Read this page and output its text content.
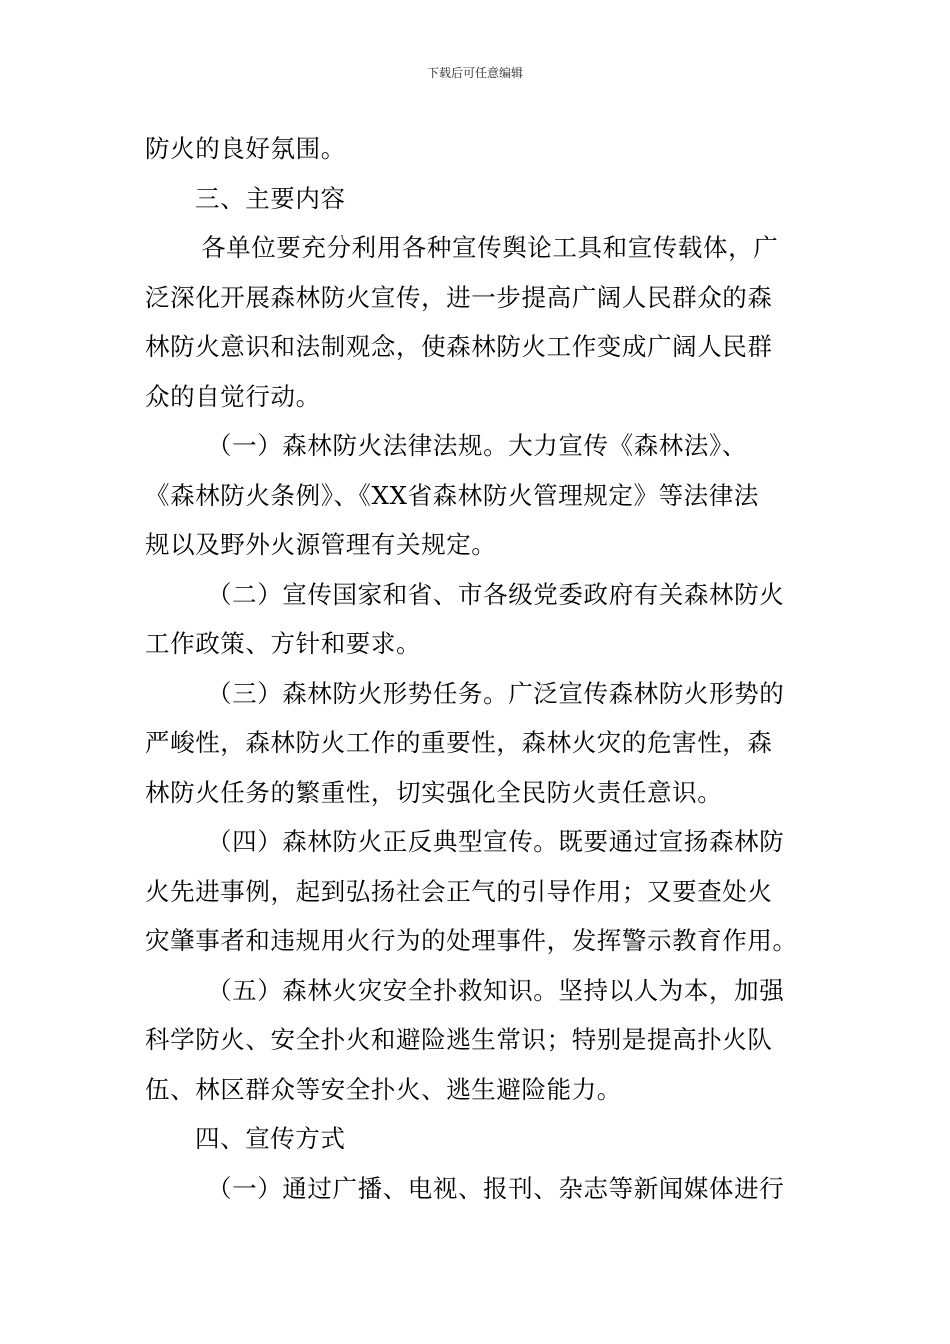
下载后可任意编辑
防火的良好氛围。
三、主要内容
各单位要充分利用各种宣传舆论工具和宣传载体，广
泛深化开展森林防火宣传，进一步提高广阔人民群众的森
林防火意识和法制观念，使森林防火工作变成广阔人民群
众的自觉行动。
（一）森林防火法律法规。大力宣传《森林法》、
《森林防火条例》、《XX省森林防火管理规定》等法律法
规以及野外火源管理有关规定。
（二）宣传国家和省、市各级党委政府有关森林防火
工作政策、方针和要求。
（三）森林防火形势任务。广泛宣传森林防火形势的
严峻性，森林防火工作的重要性，森林火灾的危害性，森
林防火任务的繁重性，切实强化全民防火责任意识。
（四）森林防火正反典型宣传。既要通过宣扬森林防
火先进事例，起到弘扬社会正气的引导作用；又要查处火
灾肇事者和违规用火行为的处理事件，发挥警示教育作用。
（五）森林火灾安全扑救知识。坚持以人为本，加强
科学防火、安全扑火和避险逃生常识；特别是提高扑火队
伍、林区群众等安全扑火、逃生避险能力。
四、宣传方式
（一）通过广播、电视、报刊、杂志等新闻媒体进行
